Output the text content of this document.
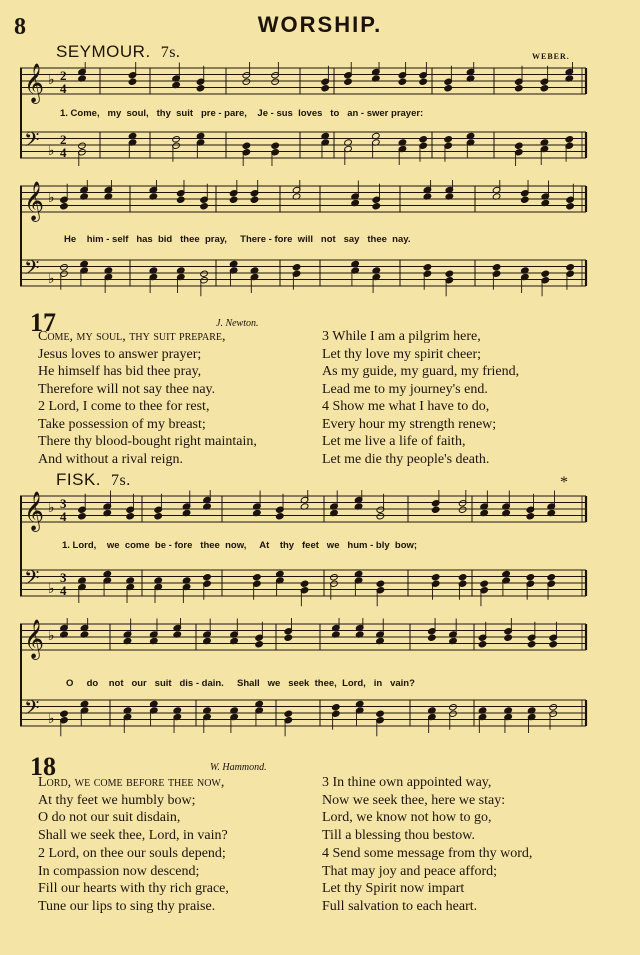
8	WORSHIP.
SEYMOUR. 7s.	WEBER.
𝄞 ♭ 2
4
𝄢 ♭
2
4
1. Come,   my  soul,   thy  suit   pre - pare,    Je - sus  loves   to   an - swer prayer:
𝄞 ♭
𝄢 ♭
He    him - self   has  bid   thee  pray,     There - fore  will   not   say   thee  nay.
17	J. Newton.
Come, my soul, thy suit prepare,
Jesus loves to answer prayer;
He himself has bid thee pray,
Therefore will not say thee nay.
2 Lord, I come to thee for rest,
Take possession of my breast;
There thy blood-bought right maintain,
And without a rival reign.
3 While I am a pilgrim here,
Let thy love my spirit cheer;
As my guide, my guard, my friend,
Lead me to my journey's end.
4 Show me what I have to do,
Every hour my strength renew;
Let me live a life of faith,
Let me die thy people's death.
FISK. 7s.	*
𝄞 ♭ 3
4
𝄢 ♭
3
4
1. Lord,    we  come  be - fore   thee  now,     At    thy   feet   we   hum - bly  bow;
𝄞 ♭
𝄢 ♭
O     do    not   our   suit   dis - dain.     Shall   we   seek  thee,  Lord,   in   vain?
18	W. Hammond.
Lord, we come before thee now,
At thy feet we humbly bow;
O do not our suit disdain,
Shall we seek thee, Lord, in vain?
2 Lord, on thee our souls depend;
In compassion now descend;
Fill our hearts with thy rich grace,
Tune our lips to sing thy praise.
3 In thine own appointed way,
Now we seek thee, here we stay:
Lord, we know not how to go,
Till a blessing thou bestow.
4 Send some message from thy word,
That may joy and peace afford;
Let thy Spirit now impart
Full salvation to each heart.
